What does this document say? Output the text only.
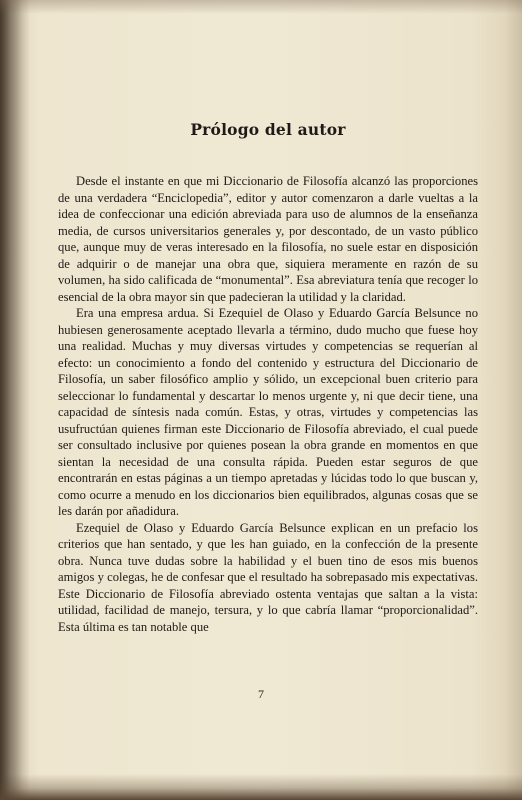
Prólogo del autor

Desde el instante en que mi Diccionario de Filosofía alcanzó las proporciones de una verdadera “Enciclopedia”, editor y autor comenzaron a darle vueltas a la idea de confeccionar una edición abreviada para uso de alumnos de la enseñanza media, de cursos universitarios generales y, por descontado, de un vasto público que, aunque muy de veras interesado en la filosofía, no suele estar en disposición de adquirir o de manejar una obra que, siquiera meramente en razón de su volumen, ha sido calificada de “monumental”. Esa abreviatura tenía que recoger lo esencial de la obra mayor sin que padecieran la utilidad y la claridad.

Era una empresa ardua. Si Ezequiel de Olaso y Eduardo García Belsunce no hubiesen generosamente aceptado llevarla a término, dudo mucho que fuese hoy una realidad. Muchas y muy diversas virtudes y competencias se requerían al efecto: un conocimiento a fondo del contenido y estructura del Diccionario de Filosofía, un saber filosófico amplio y sólido, un excepcional buen criterio para seleccionar lo fundamental y descartar lo menos urgente y, ni que decir tiene, una capacidad de síntesis nada común. Estas, y otras, virtudes y competencias las usufructúan quienes firman este Diccionario de Filosofía abreviado, el cual puede ser consultado inclusive por quienes posean la obra grande en momentos en que sientan la necesidad de una consulta rápida. Pueden estar seguros de que encontrarán en estas páginas a un tiempo apretadas y lúcidas todo lo que buscan y, como ocurre a menudo en los diccionarios bien equilibrados, algunas cosas que se les darán por añadidura.

Ezequiel de Olaso y Eduardo García Belsunce explican en un prefacio los criterios que han sentado, y que les han guiado, en la confección de la presente obra. Nunca tuve dudas sobre la habilidad y el buen tino de esos mis buenos amigos y colegas, he de confesar que el resultado ha sobrepasado mis expectativas. Este Diccionario de Filosofía abreviado ostenta ventajas que saltan a la vista: utilidad, facilidad de manejo, tersura, y lo que cabría llamar “proporcionalidad”. Esta última es tan notable que

7
